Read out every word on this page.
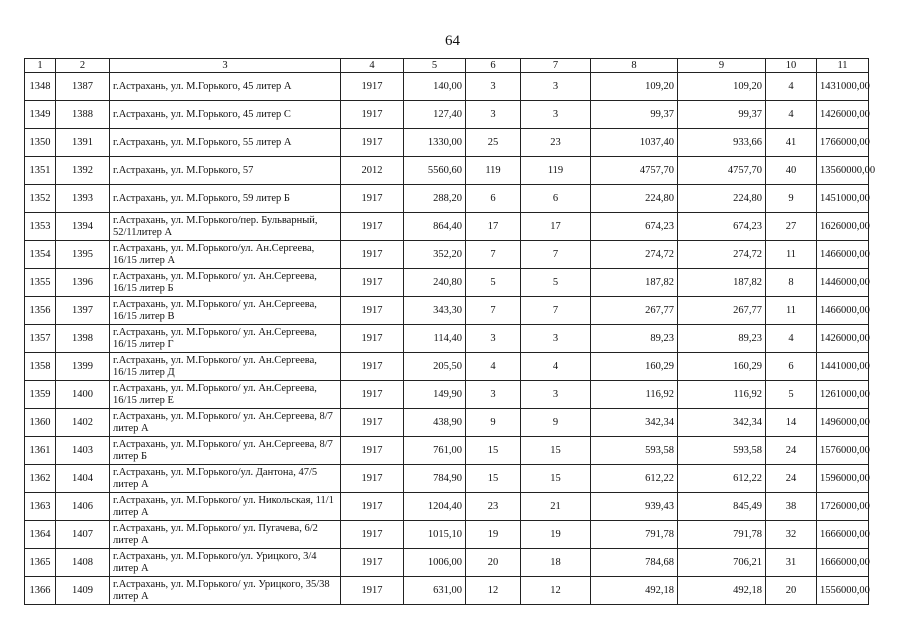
64
1	2	3	4	5	6	7	8	9	10	11
1348	1387	г.Астрахань, ул. М.Горького, 45 литер А	1917	140,00	3	3	109,20	109,20	4	1431000,00
1349	1388	г.Астрахань, ул. М.Горького, 45 литер С	1917	127,40	3	3	99,37	99,37	4	1426000,00
1350	1391	г.Астрахань, ул. М.Горького, 55 литер А	1917	1330,00	25	23	1037,40	933,66	41	1766000,00
1351	1392	г.Астрахань, ул. М.Горького, 57	2012	5560,60	119	119	4757,70	4757,70	40	13560000,00
1352	1393	г.Астрахань, ул. М.Горького, 59 литер Б	1917	288,20	6	6	224,80	224,80	9	1451000,00
1353	1394	г.Астрахань, ул. М.Горького/пер. Бульварный, 52/11литер А	1917	864,40	17	17	674,23	674,23	27	1626000,00
1354	1395	г.Астрахань, ул. М.Горького/ул. Ан.Сергеева, 16/15 литер А	1917	352,20	7	7	274,72	274,72	11	1466000,00
1355	1396	г.Астрахань, ул. М.Горького/ ул. Ан.Сергеева, 16/15 литер Б	1917	240,80	5	5	187,82	187,82	8	1446000,00
1356	1397	г.Астрахань, ул. М.Горького/ ул. Ан.Сергеева, 16/15 литер В	1917	343,30	7	7	267,77	267,77	11	1466000,00
1357	1398	г.Астрахань, ул. М.Горького/ ул. Ан.Сергеева, 16/15 литер Г	1917	114,40	3	3	89,23	89,23	4	1426000,00
1358	1399	г.Астрахань, ул. М.Горького/ ул. Ан.Сергеева, 16/15 литер Д	1917	205,50	4	4	160,29	160,29	6	1441000,00
1359	1400	г.Астрахань, ул. М.Горького/ ул. Ан.Сергеева, 16/15 литер Е	1917	149,90	3	3	116,92	116,92	5	1261000,00
1360	1402	г.Астрахань, ул. М.Горького/ ул. Ан.Сергеева, 8/7 литер А	1917	438,90	9	9	342,34	342,34	14	1496000,00
1361	1403	г.Астрахань, ул. М.Горького/ ул. Ан.Сергеева, 8/7 литер Б	1917	761,00	15	15	593,58	593,58	24	1576000,00
1362	1404	г.Астрахань, ул. М.Горького/ул. Дантона, 47/5 литер А	1917	784,90	15	15	612,22	612,22	24	1596000,00
1363	1406	г.Астрахань, ул. М.Горького/ ул. Никольская, 11/1 литер А	1917	1204,40	23	21	939,43	845,49	38	1726000,00
1364	1407	г.Астрахань, ул. М.Горького/ ул. Пугачева, 6/2 литер А	1917	1015,10	19	19	791,78	791,78	32	1666000,00
1365	1408	г.Астрахань, ул. М.Горького/ул. Урицкого, 3/4 литер А	1917	1006,00	20	18	784,68	706,21	31	1666000,00
1366	1409	г.Астрахань, ул. М.Горького/ ул. Урицкого, 35/38 литер А	1917	631,00	12	12	492,18	492,18	20	1556000,00
